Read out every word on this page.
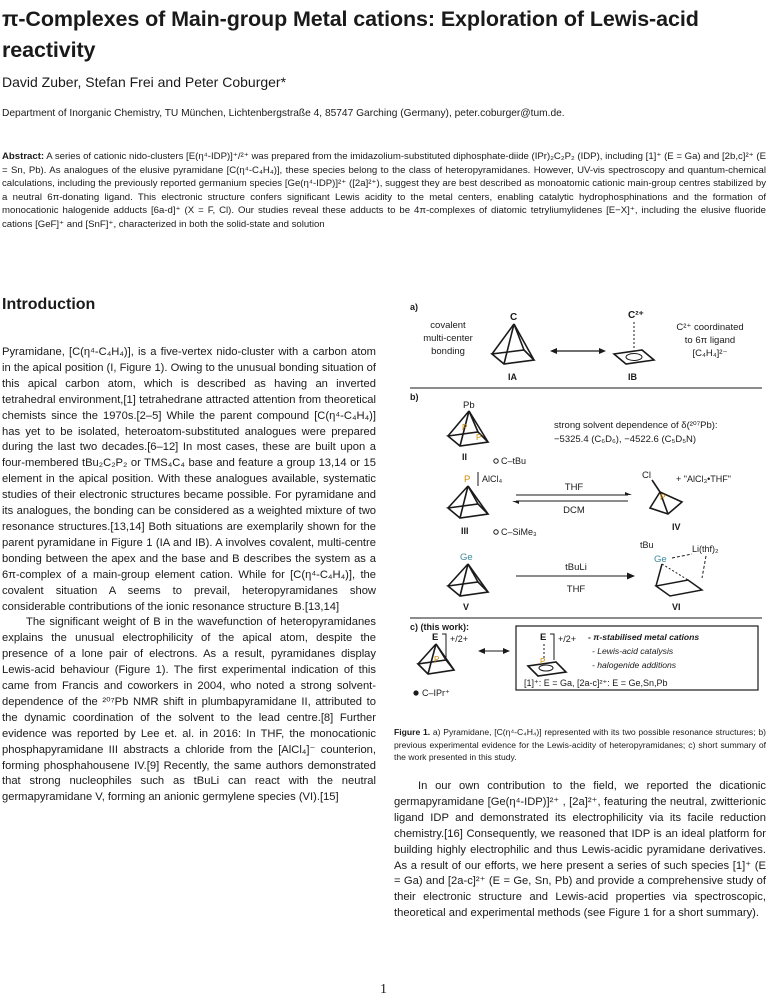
π-Complexes of Main-group Metal cations: Exploration of Lewis-acid reactivity

David Zuber, Stefan Frei and Peter Coburger*

Department of Inorganic Chemistry, TU München, Lichtenbergstraße 4, 85747 Garching (Germany), peter.coburger@tum.de.

Abstract: A series of cationic nido-clusters [E(η⁴-IDP)]⁺/²⁺ was prepared from the imidazolium-substituted diphosphate-diide (IPr)₂C₂P₂ (IDP), including [1]⁺ (E = Ga) and [2b,c]²⁺ (E = Sn, Pb). As analogues of the elusive pyramidane [C(η⁴-C₄H₄)], these species belong to the class of heteropyramidanes. However, UV-vis spectroscopy and quantum-chemical calculations, including the previously reported germanium species [Ge(η⁴-IDP)]²⁺ ([2a]²⁺), suggest they are best described as monoatomic cationic main-group centres stabilized by a neutral 6π-donating ligand. This electronic structure confers significant Lewis acidity to the metal centers, enabling catalytic hydrophosphinations and the formation of monocationic halogenide adducts [6a-d]⁺ (X = F, Cl). Our studies reveal these adducts to be 4π-complexes of diatomic tetryliumylidenes [E−X]⁺, including the elusive fluoride cations [GeF]⁺ and [SnF]⁺, characterized in both the solid-state and solution

Introduction

Pyramidane, [C(η⁴-C₄H₄)], is a five-vertex nido-cluster with a carbon atom in the apical position (I, Figure 1). Owing to the unusual bonding situation of this apical carbon atom, which is described as having an inverted tetrahedral environment,[1] tetrahedrane attracted attention from theoretical chemists since the 1970s.[2–5] While the parent compound [C(η⁴-C₄H₄)] has yet to be isolated, heteroatom-substituted analogues were prepared during the last two decades.[6–12] In most cases, these are built upon a four-membered tBu₂C₂P₂ or TMS₄C₄ base and feature a group 13,14 or 15 element in the apical position. With these analogues available, systematic studies of their electronic structures became possible. For pyramidane and its analogues, the bonding can be considered as a weighted mixture of two resonance structures.[13,14] Both situations are exemplarily shown for the parent pyramidane in Figure 1 (IA and IB). A involves covalent, multi-centre bonding between the apex and the base and B describes the system as a 6π-complex of a main-group element cation. While for [C(η⁴-C₄H₄)], the covalent situation A seems to prevail, heteropyramidanes show considerable contributions of the ionic resonance structure B.[13,14]

The significant weight of B in the wavefunction of heteropyramidanes explains the unusual electrophilicity of the apical atom, despite the presence of a lone pair of electrons. As a result, pyramidanes display Lewis-acid behaviour (Figure 1). The first experimental indication of this came from Francis and coworkers in 2004, who noted a strong solvent-dependence of the ²⁰⁷Pb NMR shift in plumbapyramidane II, attributed to the dynamic coordination of the solvent to the lead centre.[8] Further evidence was reported by Lee et. al. in 2016: In THF, the monocationic phosphapyramidane III abstracts a chloride from the [AlCl₄]⁻ counterion, forming phosphahousene IV.[9] Recently, the same authors demonstrated that strong nucleophiles such as tBuLi can react with the neutral germapyramidane V, forming an anionic germylene species (VI).[15]

a)
covalent
multi-center
bonding
C
IA
C²⁺
IB
C²⁺ coordinated
to 6π ligand
[C₄H₄]²⁻
b)
Pb
P
P
II	C–tBu
strong solvent dependence of δ(²⁰⁷Pb):
−5325.4 (C₆D₆), −4522.6 (C₅D₅N)
P AlCl₄
III	C–SiMe₃
THF
DCM
Cl
P
+ "AlCl₃•THF"
IV
Ge
V
tBuLi
THF
tBu
Ge
Li(thf)₂
VI
c) (this work):
E +/2+
P
E +/2+
P
- π-stabilised metal cations
- Lewis-acid catalysis
- halogenide additions
C–IPr⁺
[1]⁺: E = Ga, [2a-c]²⁺: E = Ge,Sn,Pb

Figure 1. a) Pyramidane, [C(η⁴-C₄H₄)] represented with its two possible resonance structures; b) previous experimental evidence for the Lewis-acidity of heteropyramidanes; c) short summary of the work presented in this study.

In our own contribution to the field, we reported the dicationic germapyramidane [Ge(η⁴-IDP)]²⁺ , [2a]²⁺, featuring the neutral, zwitterionic ligand IDP and demonstrated its electrophilicity via its facile reduction chemistry.[16] Consequently, we reasoned that IDP is an ideal platform for building highly electrophilic and thus Lewis-acidic pyramidane derivatives. As a result of our efforts, we here present a series of such species [1]⁺ (E = Ga) and [2a-c]²⁺ (E = Ge, Sn, Pb) and provide a comprehensive study of their electronic structure and Lewis-acid properties via spectroscopic, theoretical and experimental methods (see Figure 1 for a short summary).

1
